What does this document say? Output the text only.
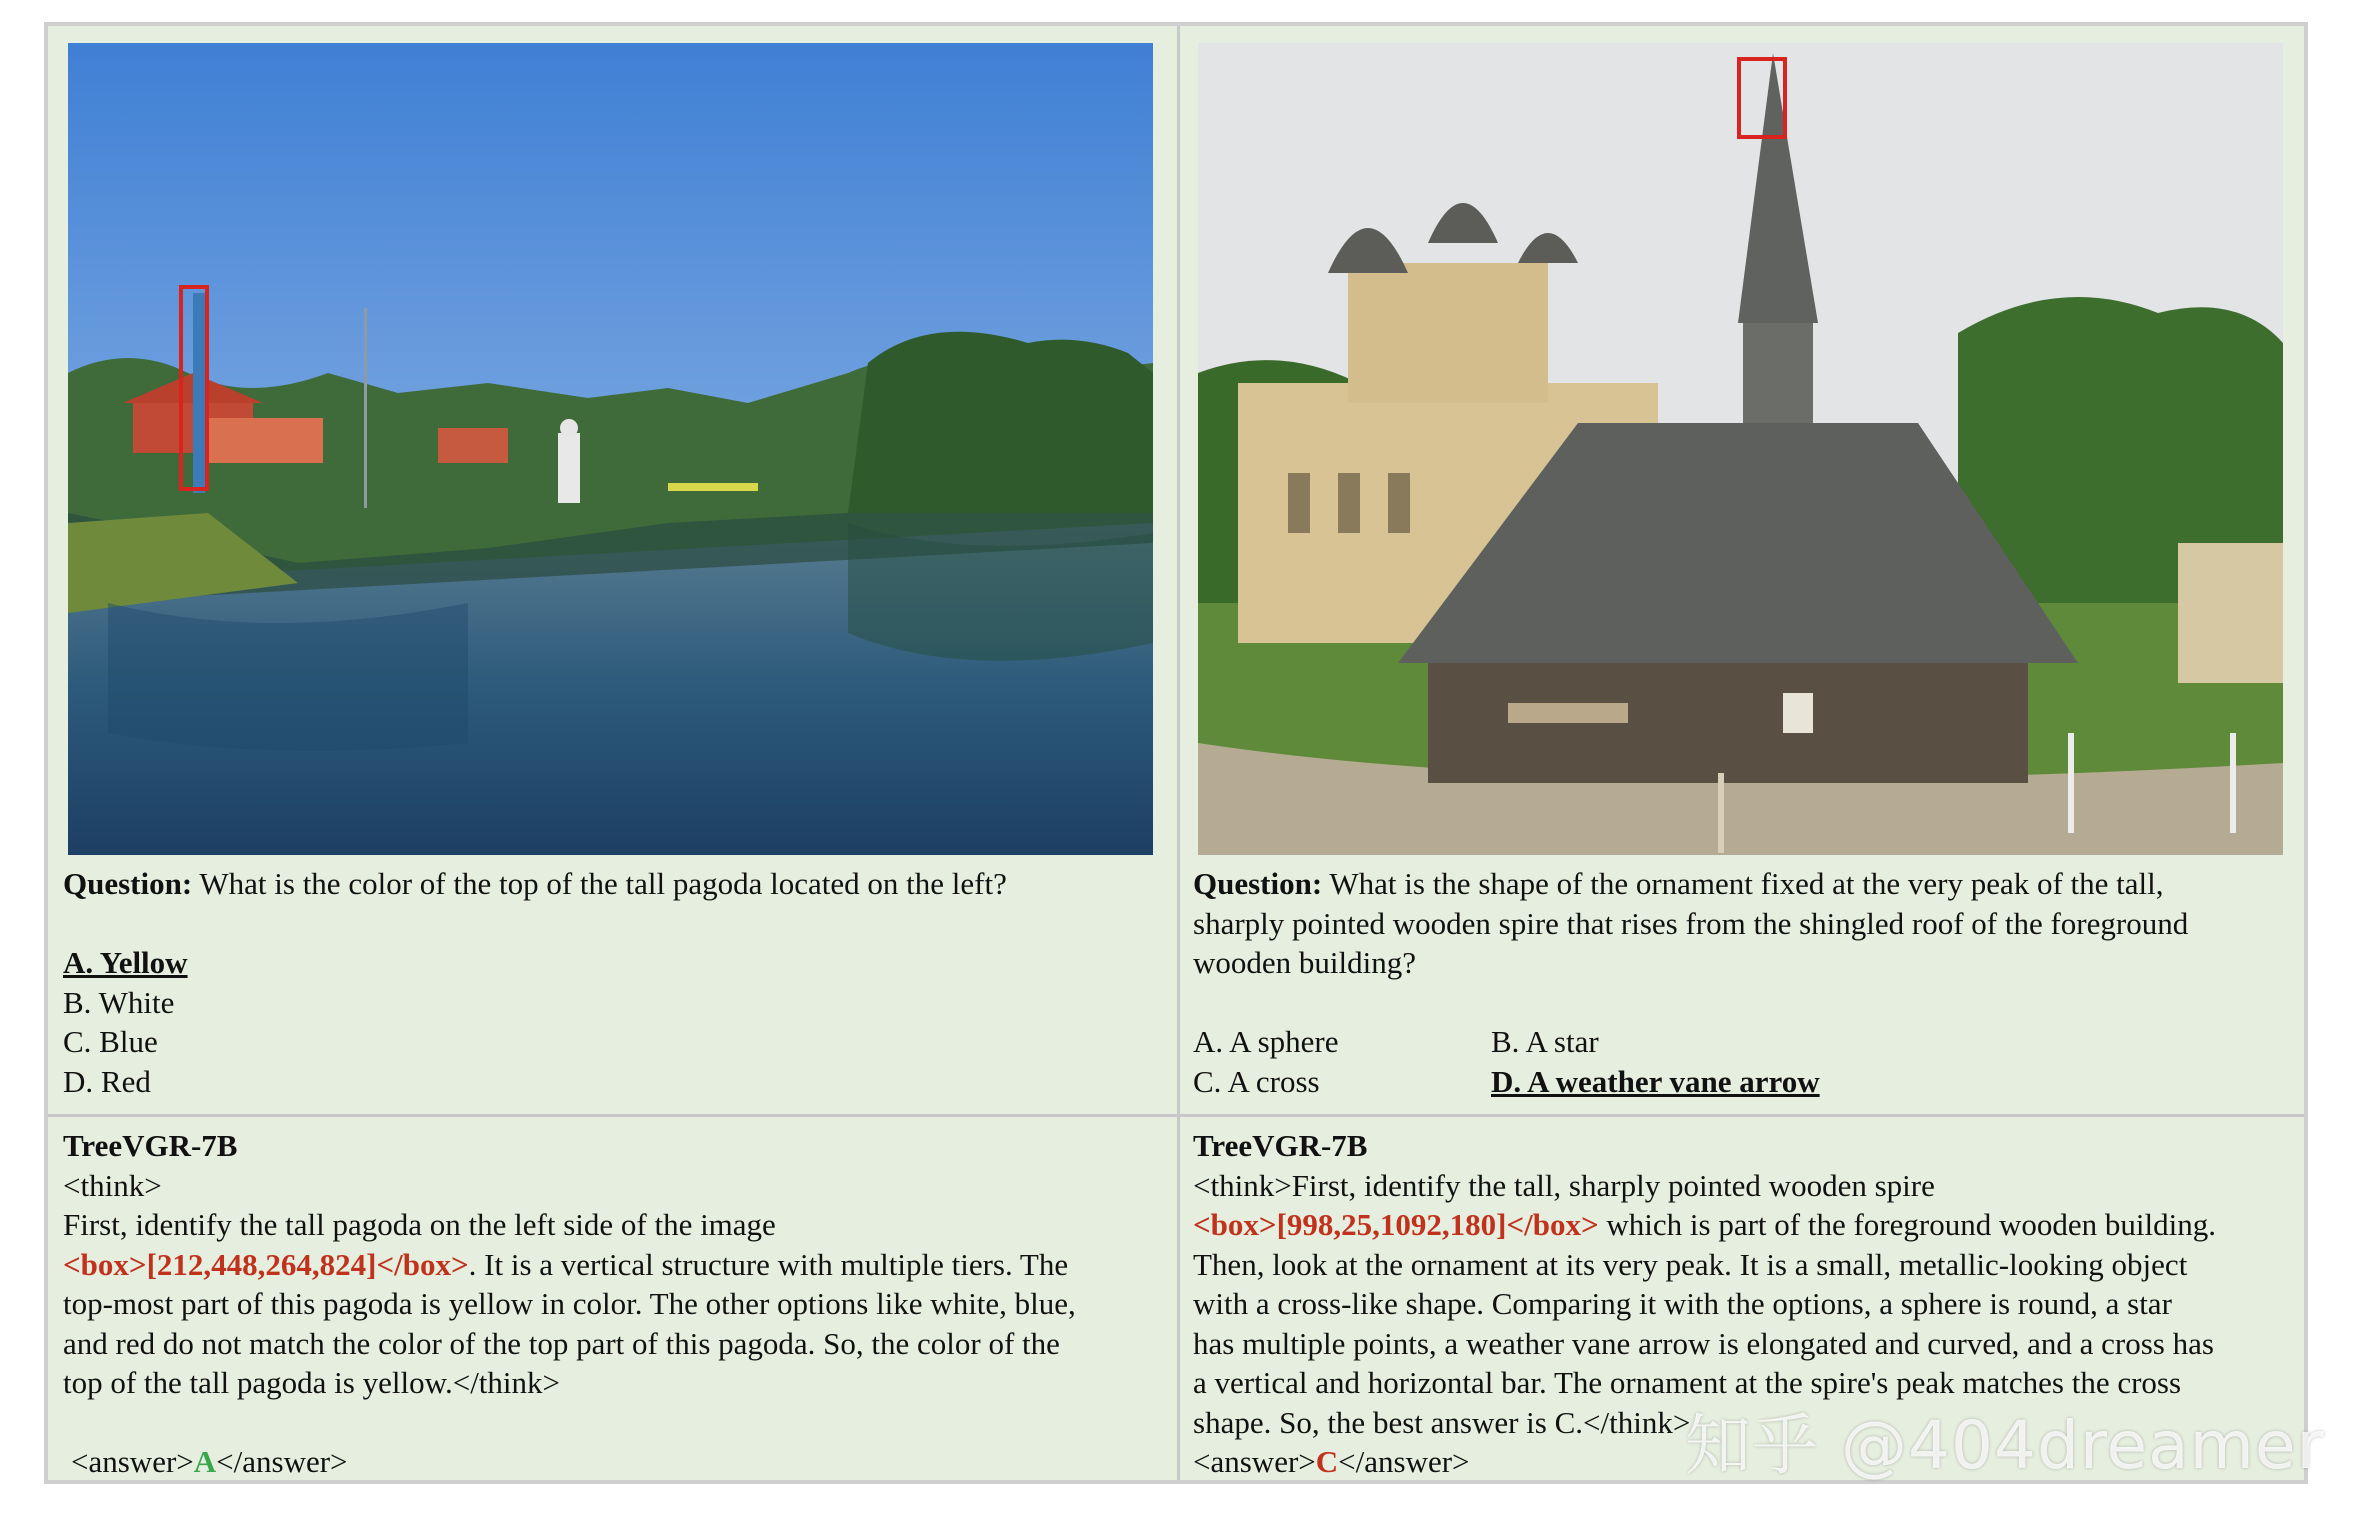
Question: What is the color of the top of the tall pagoda located on the left?
A. Yellow
B. White
C. Blue
D. Red
Question: What is the shape of the ornament fixed at the very peak of the tall,
sharply pointed wooden spire that rises from the shingled roof of the foreground
wooden building?
A. A sphere	B. A star
C. A cross	D. A weather vane arrow
TreeVGR-7B
<think>
First, identify the tall pagoda on the left side of the image
<box>[212,448,264,824]</box>. It is a vertical structure with multiple tiers. The
top-most part of this pagoda is yellow in color. The other options like white, blue,
and red do not match the color of the top part of this pagoda. So, the color of the
top of the tall pagoda is yellow.</think>
<answer>A</answer>
TreeVGR-7B
<think>First, identify the tall, sharply pointed wooden spire
<box>[998,25,1092,180]</box> which is part of the foreground wooden building.
Then, look at the ornament at its very peak. It is a small, metallic-looking object
with a cross-like shape. Comparing it with the options, a sphere is round, a star
has multiple points, a weather vane arrow is elongated and curved, and a cross has
a vertical and horizontal bar. The ornament at the spire's peak matches the cross
shape. So, the best answer is C.</think>
<answer>C</answer>	知乎 @404dreamer
